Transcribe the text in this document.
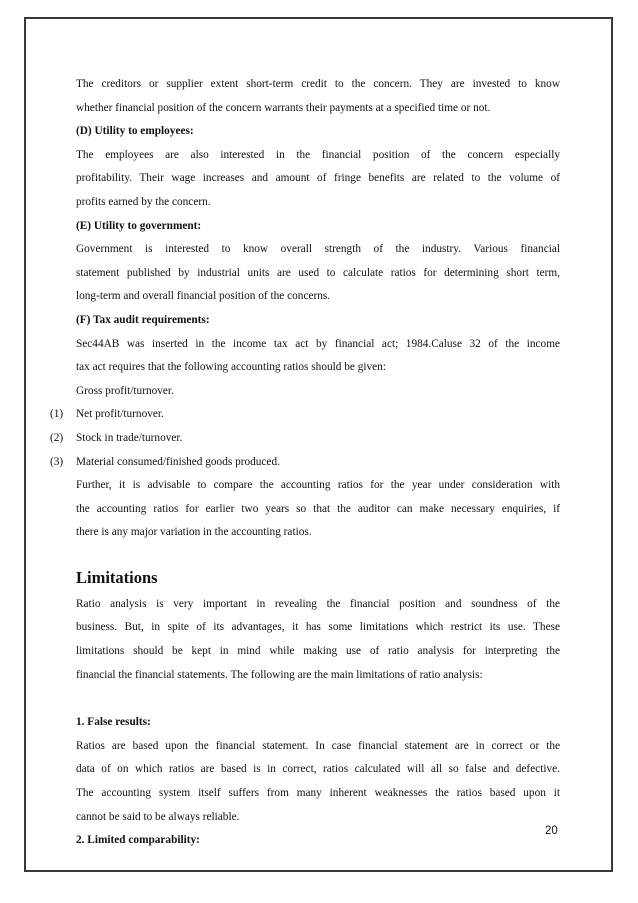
The creditors or supplier extent short-term credit to the concern. They are invested to know
whether financial position of the concern warrants their payments at a specified time or not.
(D) Utility to employees:
The employees are also interested in the financial position of the concern especially
profitability. Their wage increases and amount of fringe benefits are related to the volume of
profits earned by the concern.
(E) Utility to government:
Government is interested to know overall strength of the industry. Various financial
statement published by industrial units are used to calculate ratios for determining short term,
long-term and overall financial position of the concerns.
(F) Tax audit requirements:
Sec44AB was inserted in the income tax act by financial act; 1984.Caluse 32 of the income
tax act requires that the following accounting ratios should be given:
Gross profit/turnover.
(1) Net profit/turnover.
(2) Stock in trade/turnover.
(3) Material consumed/finished goods produced.
Further, it is advisable to compare the accounting ratios for the year under consideration with
the accounting ratios for earlier two years so that the auditor can make necessary enquiries, if
there is any major variation in the accounting ratios.
Limitations
Ratio analysis is very important in revealing the financial position and soundness of the
business. But, in spite of its advantages, it has some limitations which restrict its use. These
limitations should be kept in mind while making use of ratio analysis for interpreting the
financial the financial statements. The following are the main limitations of ratio analysis:
1. False results:
Ratios are based upon the financial statement. In case financial statement are in correct or the
data of on which ratios are based is in correct, ratios calculated will all so false and defective.
The accounting system itself suffers from many inherent weaknesses the ratios based upon it
cannot be said to be always reliable.
2. Limited comparability:
20
